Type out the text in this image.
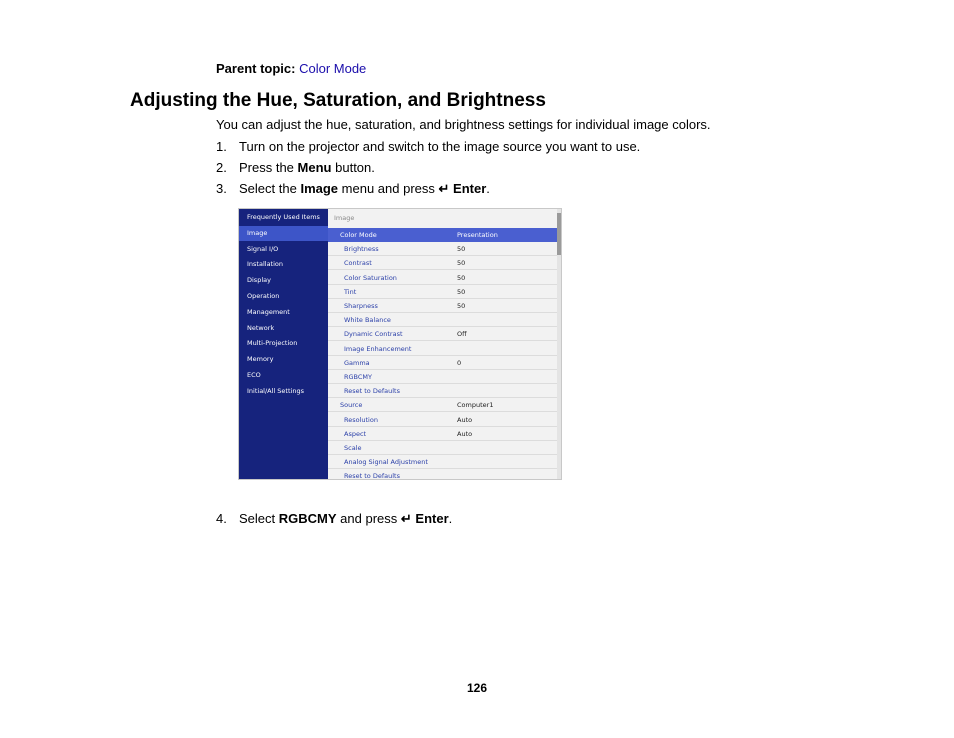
Parent topic: Color Mode
Adjusting the Hue, Saturation, and Brightness
You can adjust the hue, saturation, and brightness settings for individual image colors.
1. Turn on the projector and switch to the image source you want to use.
2. Press the Menu button.
3. Select the Image menu and press ↵ Enter.
Frequently Used Items
Image
Signal I/O
Installation
Display
Operation
Management
Network
Multi-Projection
Memory
ECO
Initial/All Settings
Image
Color Mode	Presentation
Brightness	50
Contrast	50
Color Saturation	50
Tint	50
Sharpness	50
White Balance
Dynamic Contrast	Off
Image Enhancement
Gamma	0
RGBCMY
Reset to Defaults
Source	Computer1
Resolution	Auto
Aspect	Auto
Scale
Analog Signal Adjustment
Reset to Defaults
4. Select RGBCMY and press ↵ Enter.
126
